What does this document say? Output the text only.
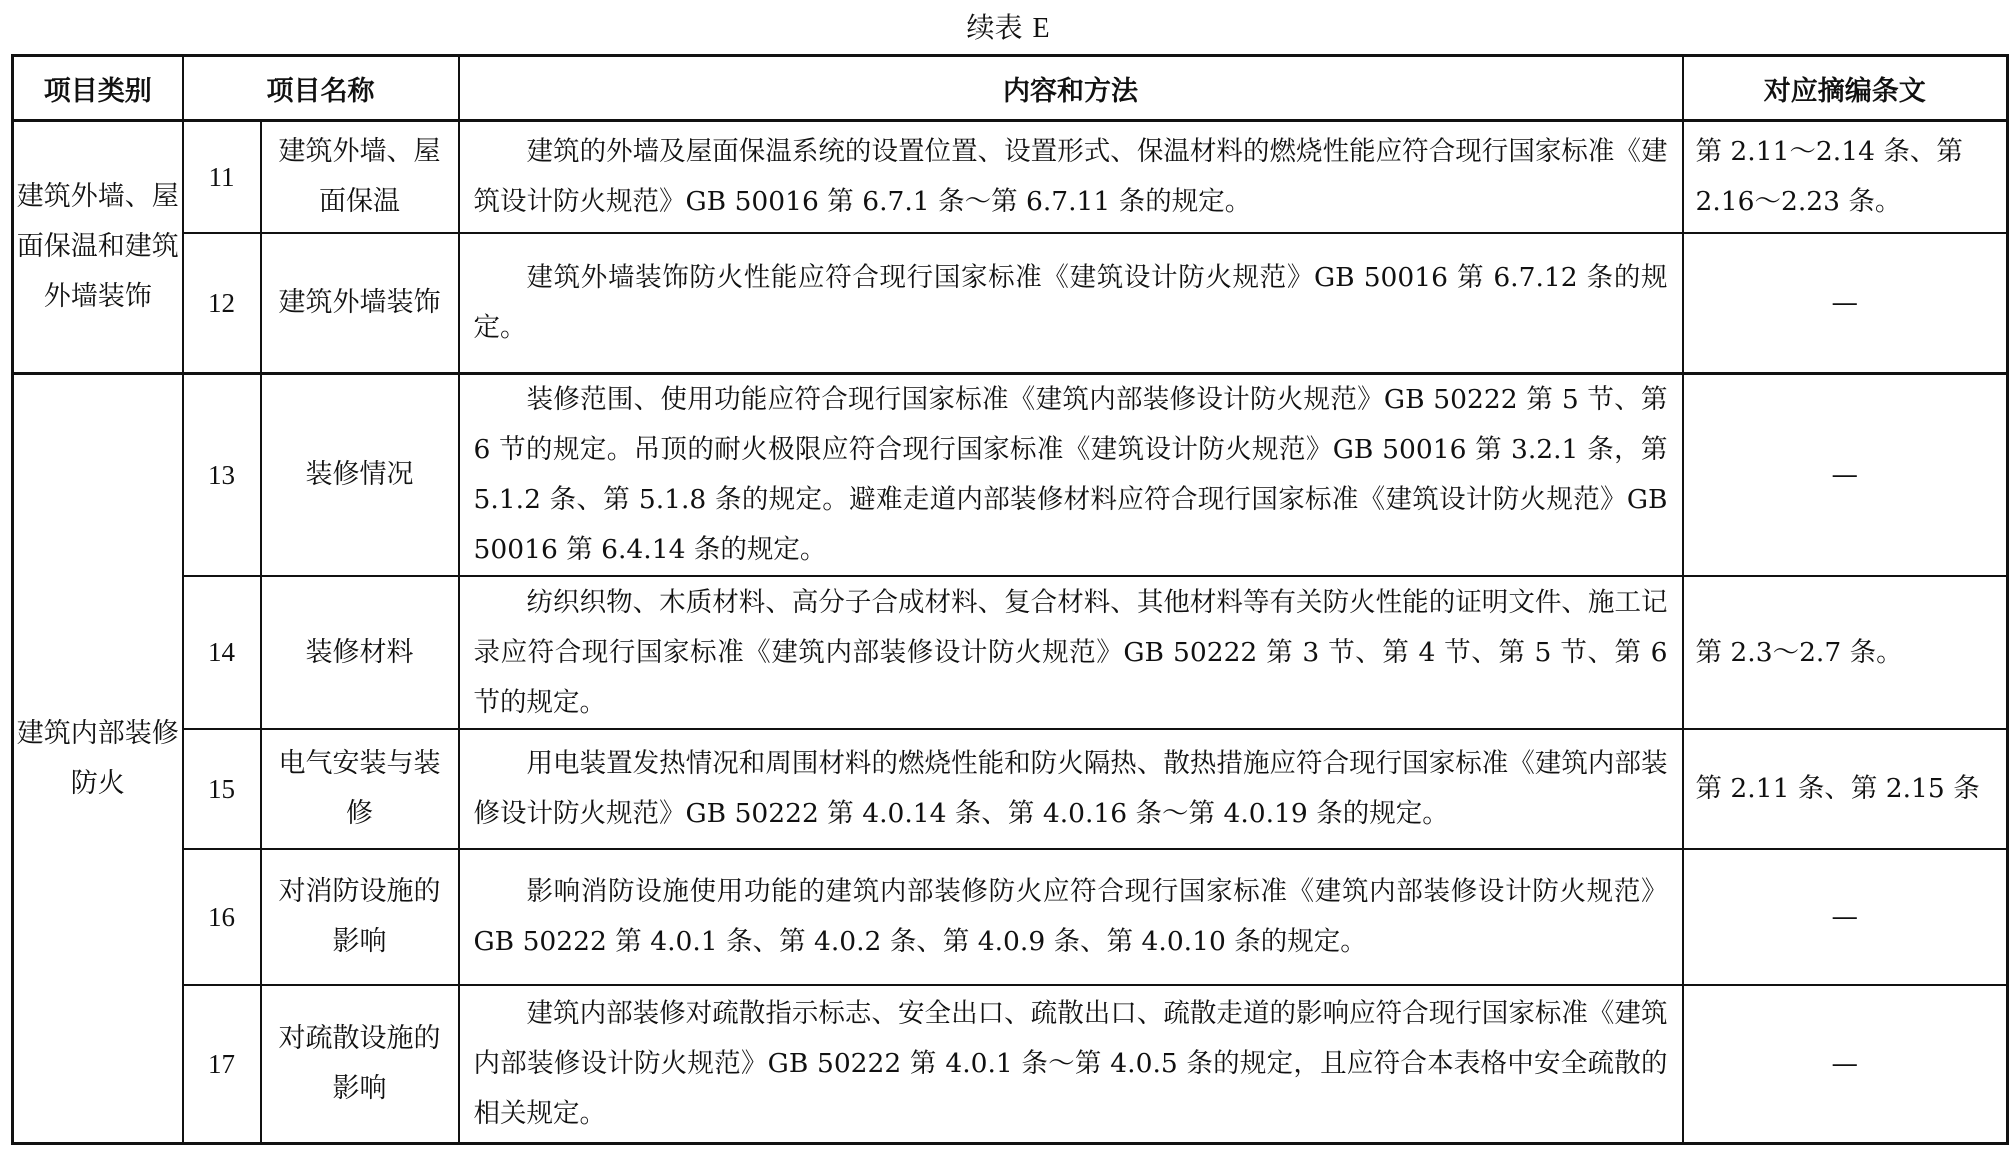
续表 E
项目类别	项目名称		内容和方法	对应摘编条文
建筑外墙、屋面保温和建筑外墙装饰	11	建筑外墙、屋面保温	建筑的外墙及屋面保温系统的设置位置、设置形式、保温材料的燃烧性能应符合现行国家标准《建筑设计防火规范》GB 50016 第 6.7.1 条～第 6.7.11 条的规定。	第 2.11～2.14 条、第 2.16～2.23 条。
	12	建筑外墙装饰	建筑外墙装饰防火性能应符合现行国家标准《建筑设计防火规范》GB 50016 第 6.7.12 条的规定。	—
建筑内部装修防火	13	装修情况	装修范围、使用功能应符合现行国家标准《建筑内部装修设计防火规范》GB 50222 第 5 节、第 6 节的规定。吊顶的耐火极限应符合现行国家标准《建筑设计防火规范》GB 50016 第 3.2.1 条，第 5.1.2 条、第 5.1.8 条的规定。避难走道内部装修材料应符合现行国家标准《建筑设计防火规范》GB 50016 第 6.4.14 条的规定。	—
	14	装修材料	纺织织物、木质材料、高分子合成材料、复合材料、其他材料等有关防火性能的证明文件、施工记录应符合现行国家标准《建筑内部装修设计防火规范》GB 50222 第 3 节、第 4 节、第 5 节、第 6 节的规定。	第 2.3～2.7 条。
	15	电气安装与装修	用电装置发热情况和周围材料的燃烧性能和防火隔热、散热措施应符合现行国家标准《建筑内部装修设计防火规范》GB 50222 第 4.0.14 条、第 4.0.16 条～第 4.0.19 条的规定。	第 2.11 条、第 2.15 条
	16	对消防设施的影响	影响消防设施使用功能的建筑内部装修防火应符合现行国家标准《建筑内部装修设计防火规范》GB 50222 第 4.0.1 条、第 4.0.2 条、第 4.0.9 条、第 4.0.10 条的规定。	—
	17	对疏散设施的影响	建筑内部装修对疏散指示标志、安全出口、疏散出口、疏散走道的影响应符合现行国家标准《建筑内部装修设计防火规范》GB 50222 第 4.0.1 条～第 4.0.5 条的规定，且应符合本表格中安全疏散的相关规定。	—
